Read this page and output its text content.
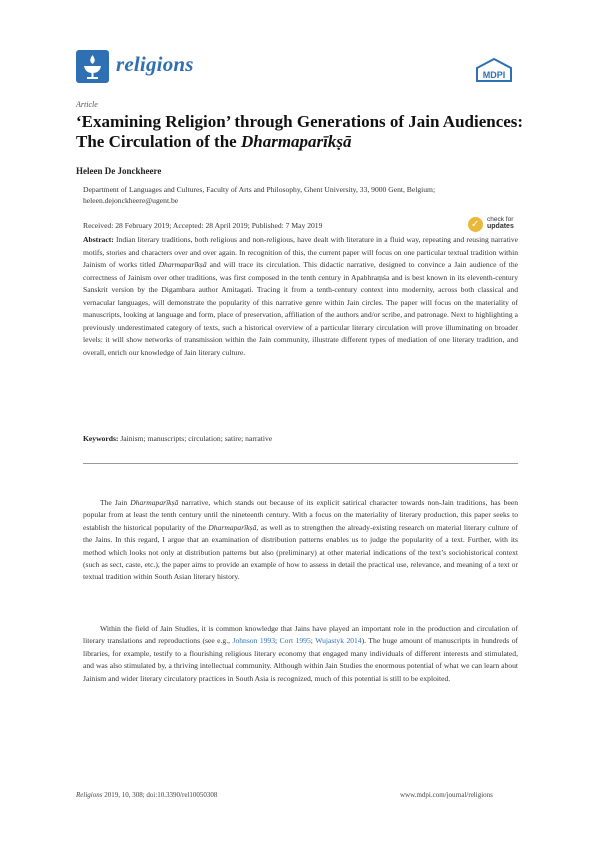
religions	MDPI
Article
‘Examining Religion’ through Generations of Jain Audiences: The Circulation of the Dharmaparīkṣā
Heleen De Jonckheere
Department of Languages and Cultures, Faculty of Arts and Philosophy, Ghent University, 33, 9000 Gent, Belgium; heleen.dejonckheere@ugent.be
Received: 28 February 2019; Accepted: 28 April 2019; Published: 7 May 2019	✓ check for
updates
Abstract: Indian literary traditions, both religious and non-religious, have dealt with literature in a fluid way, repeating and reusing narrative motifs, stories and characters over and over again. In recognition of this, the current paper will focus on one particular textual tradition within Jainism of works titled Dharmaparīkṣā and will trace its circulation. This didactic narrative, designed to convince a Jain audience of the correctness of Jainism over other traditions, was first composed in the tenth century in Apabhraṃśa and is best known in its eleventh-century Sanskrit version by the Digambara author Amitagati. Tracing it from a tenth-century context into modernity, across both classical and vernacular languages, will demonstrate the popularity of this narrative genre within Jain circles. The paper will focus on the materiality of manuscripts, looking at language and form, place of preservation, affiliation of the authors and/or scribe, and patronage. Next to highlighting a previously underestimated category of texts, such a historical overview of a particular literary circulation will prove illuminating on broader levels: it will show networks of transmission within the Jain community, illustrate different types of mediation of one literary tradition, and overall, enrich our knowledge of Jain literary culture.
Keywords: Jainism; manuscripts; circulation; satire; narrative
The Jain Dharmaparīkṣā narrative, which stands out because of its explicit satirical character towards non-Jain traditions, has been popular from at least the tenth century until the nineteenth century. With a focus on the materiality of literary production, this paper seeks to establish the historical popularity of the Dharmaparīkṣā, as well as to strengthen the already-existing research on material literary culture of the Jains. In this regard, I argue that an examination of distribution patterns enables us to judge the popularity of a text. Further, with its method which looks not only at distribution patterns but also (preliminary) at other material indications of the text’s sociohistorical context (such as sect, caste, etc.), the paper aims to provide an example of how to assess in detail the practical use, relevance, and meaning of a text or textual tradition within South Asian literary history.
Within the field of Jain Studies, it is common knowledge that Jains have played an important role in the production and circulation of literary translations and reproductions (see e.g., Johnson 1993; Cort 1995; Wujastyk 2014). The huge amount of manuscripts in hundreds of libraries, for example, testify to a flourishing religious literary economy that engaged many individuals of different interests and stimulated, and was also stimulated by, a thriving intellectual community. Although within Jain Studies the enormous potential of what we can learn about Jainism and wider literary circulatory practices in South Asia is recognized, much of this potential is still to be exploited.
Religions 2019, 10, 308; doi:10.3390/rel10050308	www.mdpi.com/journal/religions
